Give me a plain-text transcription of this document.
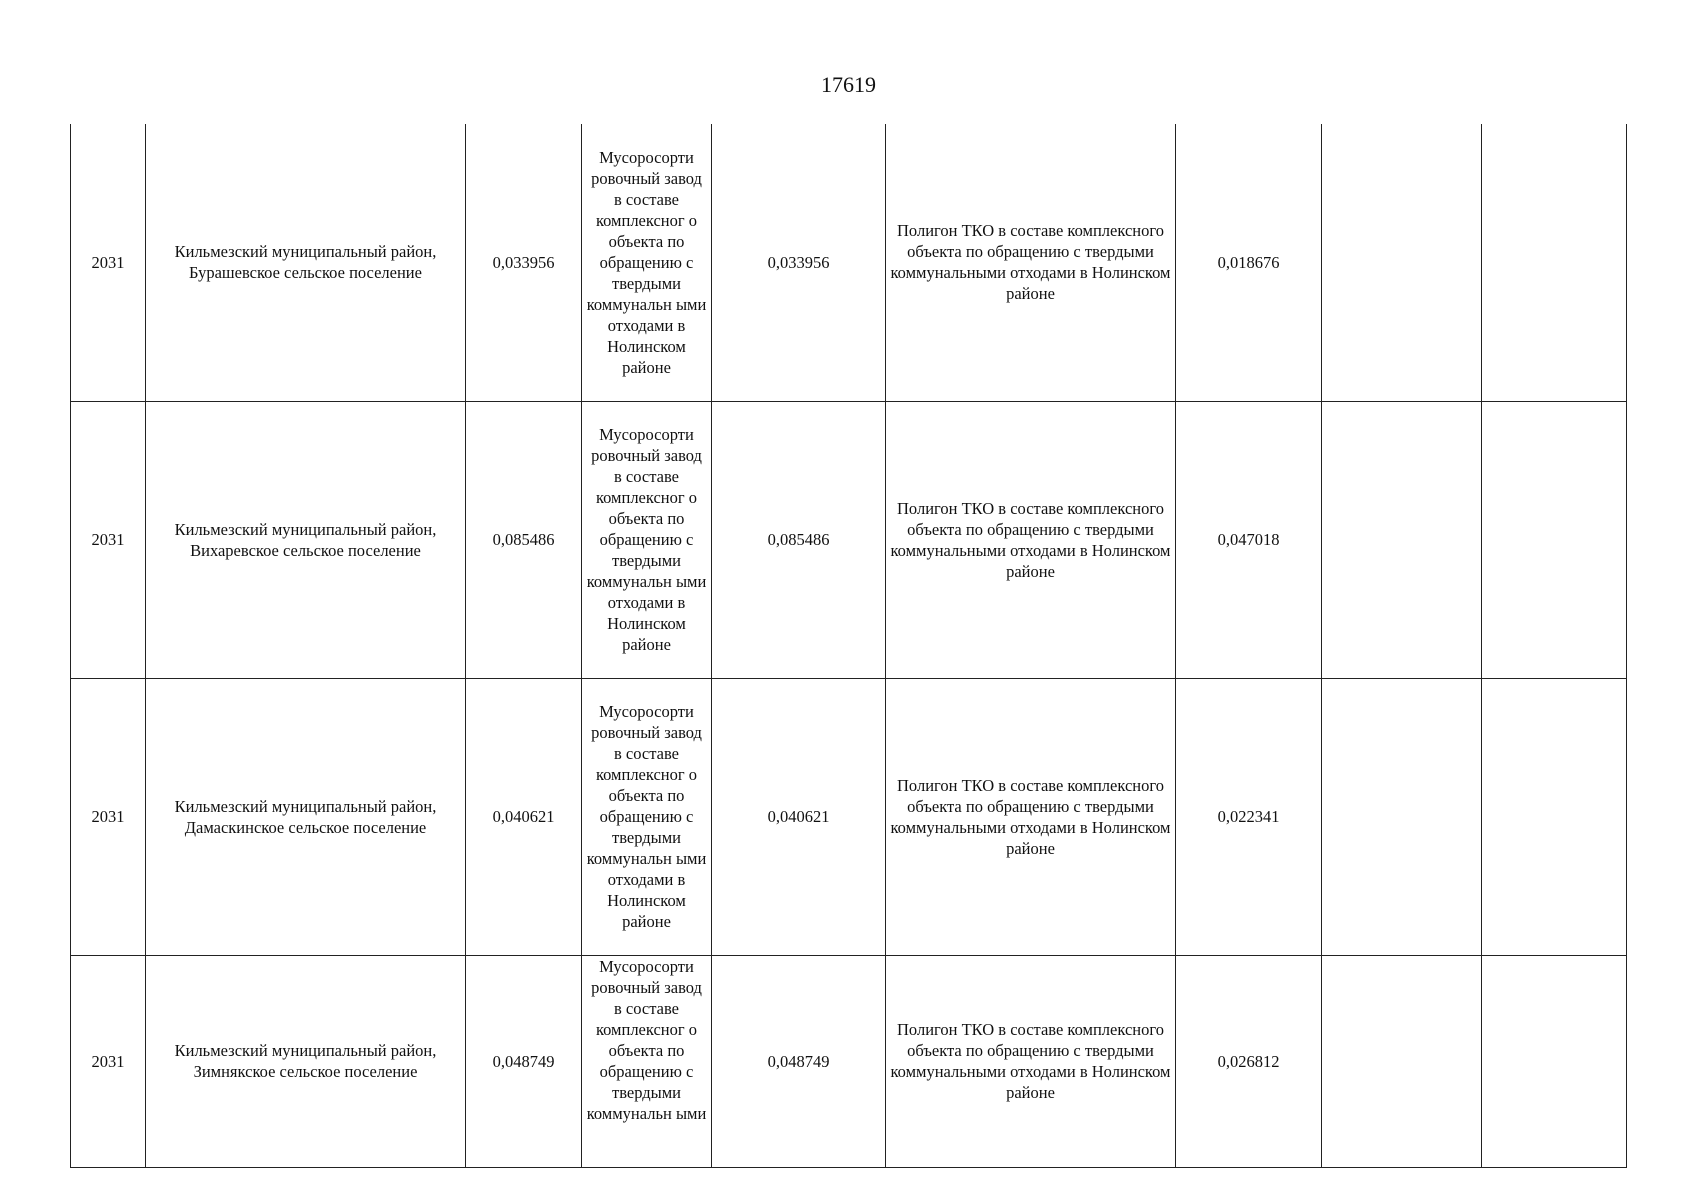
17619
2031	Кильмезский муниципальный район,
Бурашевское сельское поселение	0,033956	Мусоросорти ровочный завод в составе комплексног о объекта по обращению с твердыми коммунальн ыми отходами в Нолинском районе	0,033956	Полигон ТКО в составе комплексного объекта по обращению с твердыми коммунальными отходами в Нолинском районе	0,018676		
2031	Кильмезский муниципальный район,
Вихаревское сельское поселение	0,085486	Мусоросорти ровочный завод в составе комплексног о объекта по обращению с твердыми коммунальн ыми отходами в Нолинском районе	0,085486	Полигон ТКО в составе комплексного объекта по обращению с твердыми коммунальными отходами в Нолинском районе	0,047018		
2031	Кильмезский муниципальный район,
Дамаскинское сельское поселение	0,040621	Мусоросорти ровочный завод в составе комплексног о объекта по обращению с твердыми коммунальн ыми отходами в Нолинском районе	0,040621	Полигон ТКО в составе комплексного объекта по обращению с твердыми коммунальными отходами в Нолинском районе	0,022341		
2031	Кильмезский муниципальный район,
Зимнякское сельское поселение	0,048749	Мусоросорти ровочный завод в составе комплексног о объекта по обращению с твердыми коммунальн ыми	0,048749	Полигон ТКО в составе комплексного объекта по обращению с твердыми коммунальными отходами в Нолинском районе	0,026812		
